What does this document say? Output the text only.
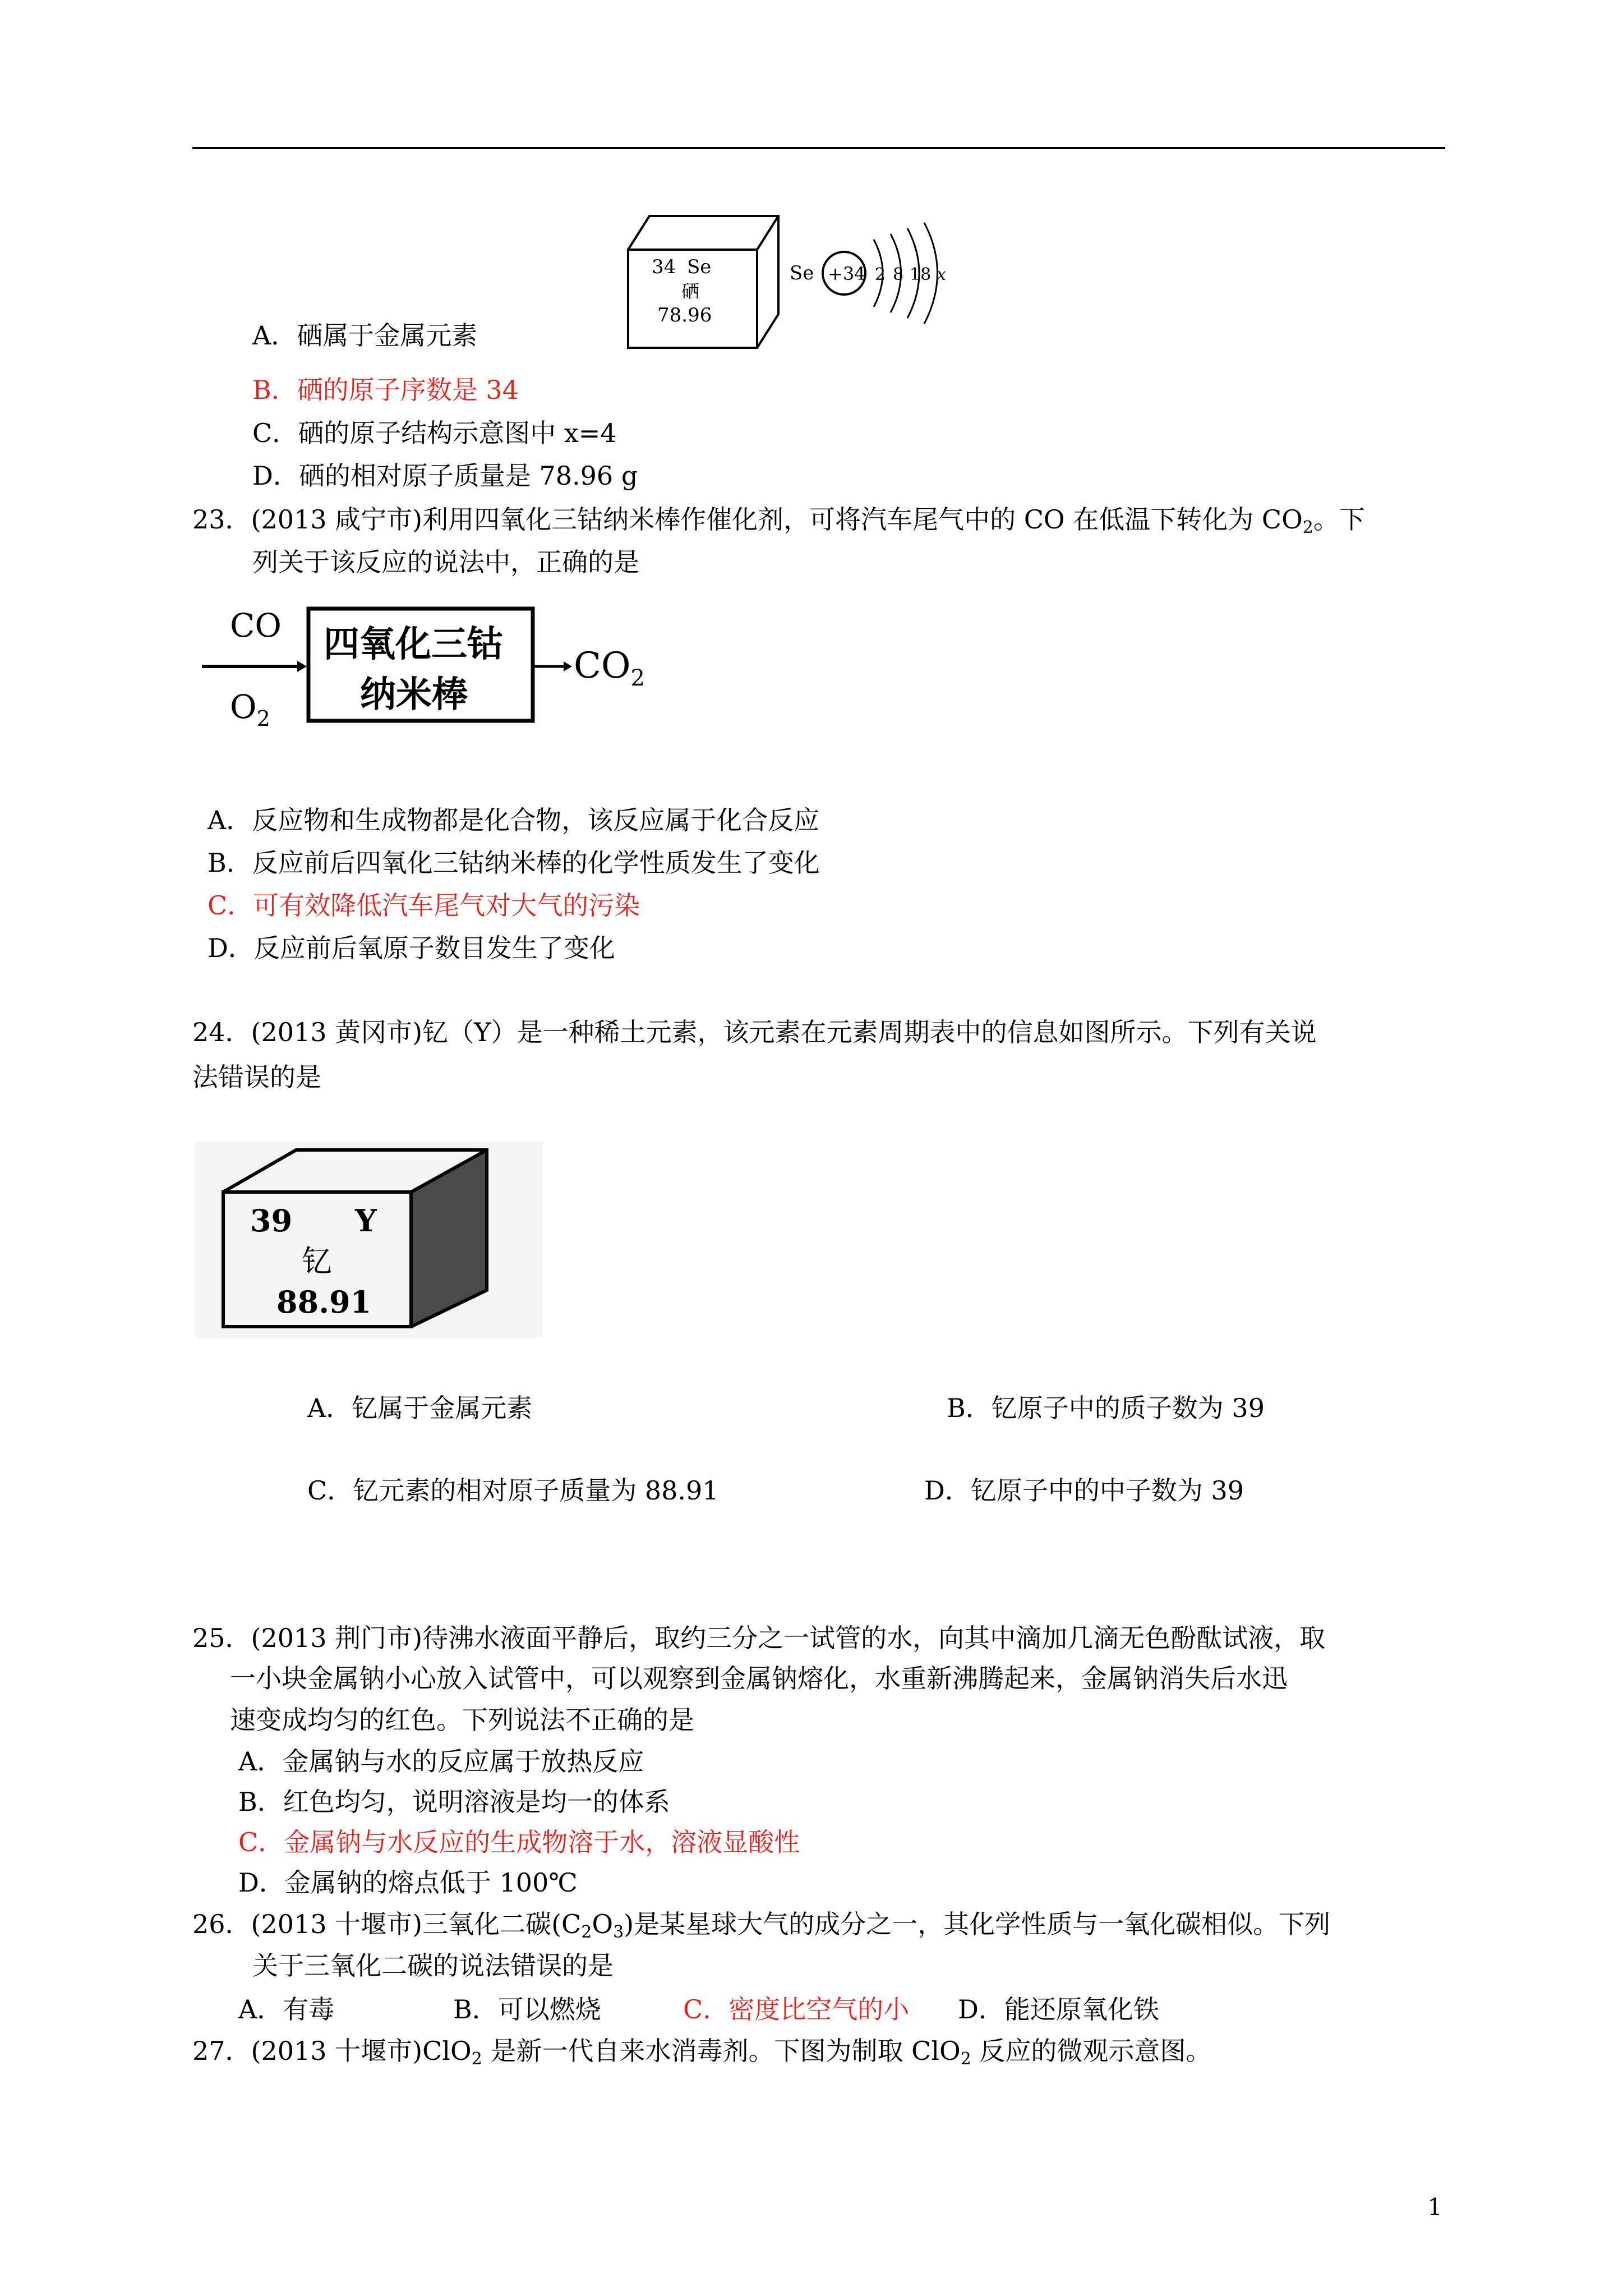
34 Se
硒
78.96
Se +34 2 8 18 x
A．硒属于金属元素
B．硒的原子序数是 34
C．硒的原子结构示意图中 x=4
D．硒的相对原子质量是 78.96 g
23．(2013 咸宁市)利用四氧化三钴纳米棒作催化剂，可将汽车尾气中的 CO 在低温下转化为 $CO_2$。下
列关于该反应的说法中，正确的是
CO
$O_2$
四氧化三钴
纳米棒
$CO_2$
A．反应物和生成物都是化合物，该反应属于化合反应
B．反应前后四氧化三钴纳米棒的化学性质发生了变化
C．可有效降低汽车尾气对大气的污染
D．反应前后氧原子数目发生了变化
24．(2013 黄冈市)钇（Y）是一种稀土元素，该元素在元素周期表中的信息如图所示。下列有关说
法错误的是
39 Y
钇
88.91
A．钇属于金属元素	B．钇原子中的质子数为 39
C．钇元素的相对原子质量为 88.91	D．钇原子中的中子数为 39
25．(2013 荆门市)待沸水液面平静后，取约三分之一试管的水，向其中滴加几滴无色酚酞试液，取
一小块金属钠小心放入试管中，可以观察到金属钠熔化，水重新沸腾起来，金属钠消失后水迅
速变成均匀的红色。下列说法不正确的是
A．金属钠与水的反应属于放热反应
B．红色均匀，说明溶液是均一的体系
C．金属钠与水反应的生成物溶于水，溶液显酸性
D．金属钠的熔点低于 100℃
26．(2013 十堰市)三氧化二碳$(C_2O_3)$是某星球大气的成分之一，其化学性质与一氧化碳相似。下列
关于三氧化二碳的说法错误的是
A．有毒	B．可以燃烧	C．密度比空气的小 D．能还原氧化铁
27．(2013 十堰市)ClO$_2$ 是新一代自来水消毒剂。下图为制取 ClO$_2$ 反应的微观示意图。
1
